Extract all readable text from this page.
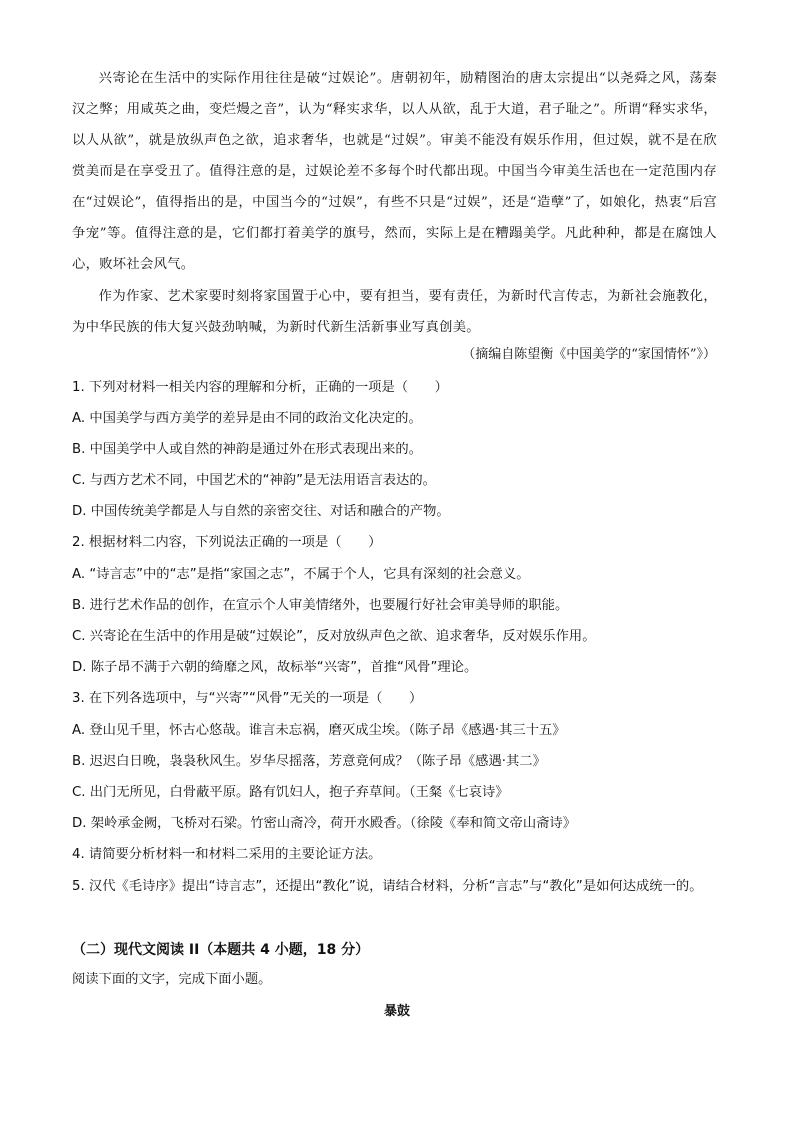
兴寄论在生活中的实际作用往往是破“过娱论”。唐朝初年，励精图治的唐太宗提出“以尧舜之风，荡秦汉之弊；用咸英之曲，变烂熳之音”，认为“释实求华，以人从欲，乱于大道，君子耻之”。所谓“释实求华，以人从欲”，就是放纵声色之欲，追求奢华，也就是“过娱”。审美不能没有娱乐作用，但过娱，就不是在欣赏美而是在享受丑了。值得注意的是，过娱论差不多每个时代都出现。中国当今审美生活也在一定范围内存在“过娱论”，值得指出的是，中国当今的“过娱”，有些不只是“过娱”，还是“造孽”了，如娘化，热衷“后宫争宠”等。值得注意的是，它们都打着美学的旗号，然而，实际上是在糟蹋美学。凡此种种，都是在腐蚀人心，败坏社会风气。

作为作家、艺术家要时刻将家国置于心中，要有担当，要有责任，为新时代言传志，为新社会施教化，为中华民族的伟大复兴鼓劲呐喊，为新时代新生活新事业写真创美。

（摘编自陈望衡《中国美学的“家国情怀”》）

1. 下列对材料一相关内容的理解和分析，正确的一项是（　　）

A. 中国美学与西方美学的差异是由不同的政治文化决定的。

B. 中国美学中人或自然的神韵是通过外在形式表现出来的。

C. 与西方艺术不同，中国艺术的“神韵”是无法用语言表达的。

D. 中国传统美学都是人与自然的亲密交往、对话和融合的产物。

2. 根据材料二内容，下列说法正确的一项是（　　）

A. “诗言志”中的“志”是指“家国之志”，不属于个人，它具有深刻的社会意义。

B. 进行艺术作品的创作，在宣示个人审美情绪外，也要履行好社会审美导师的职能。

C. 兴寄论在生活中的作用是破“过娱论”，反对放纵声色之欲、追求奢华，反对娱乐作用。

D. 陈子昂不满于六朝的绮靡之风，故标举“兴寄”，首推“风骨”理论。

3. 在下列各选项中，与“兴寄”“风骨”无关的一项是（　　）

A. 登山见千里，怀古心悠哉。谁言未忘祸，磨灭成尘埃。（陈子昂《感遇·其三十五》

B. 迟迟白日晚，袅袅秋风生。岁华尽摇落，芳意竟何成？（陈子昂《感遇·其二》

C. 出门无所见，白骨蔽平原。路有饥妇人，抱子弃草间。（王粲《七哀诗》

D. 架岭承金阙，飞桥对石梁。竹密山斋冷，荷开水殿香。（徐陵《奉和简文帝山斋诗》

4. 请简要分析材料一和材料二采用的主要论证方法。

5. 汉代《毛诗序》提出“诗言志”，还提出“教化”说，请结合材料，分析“言志”与“教化”是如何达成统一的。

（二）现代文阅读 II（本题共 4 小题，18 分）

阅读下面的文字，完成下面小题。

暴鼓
